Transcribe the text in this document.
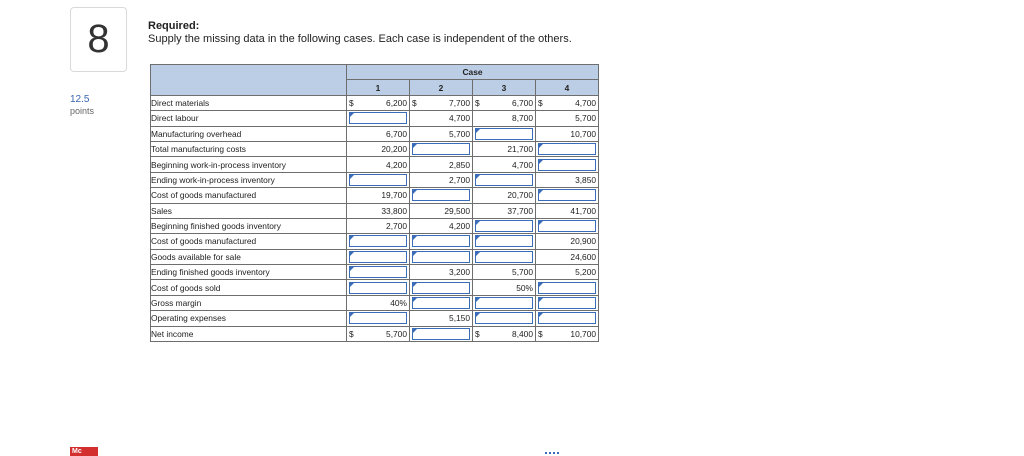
8
12.5
points
Mc
Required:
Supply the missing data in the following cases. Each case is independent of the others.
	Case			
	1	2	3	4
Direct materials	$ 6,200	$ 7,700	$ 6,700	$ 4,700

Direct labour		4,700	8,700	5,700

Manufacturing overhead	6,700	5,700		10,700

Total manufacturing costs	20,200		21,700	

Beginning work-in-process inventory	4,200	2,850	4,700	

Ending work-in-process inventory		2,700		3,850

Cost of goods manufactured	19,700		20,700	

Sales	33,800	29,500	37,700	41,700

Beginning finished goods inventory	2,700	4,200		

Cost of goods manufactured				20,900

Goods available for sale				24,600

Ending finished goods inventory		3,200	5,700	5,200

Cost of goods sold			50%	

Gross margin	40%			

Operating expenses		5,150		

Net income	$ 5,700		$ 8,400	$ 10,700
